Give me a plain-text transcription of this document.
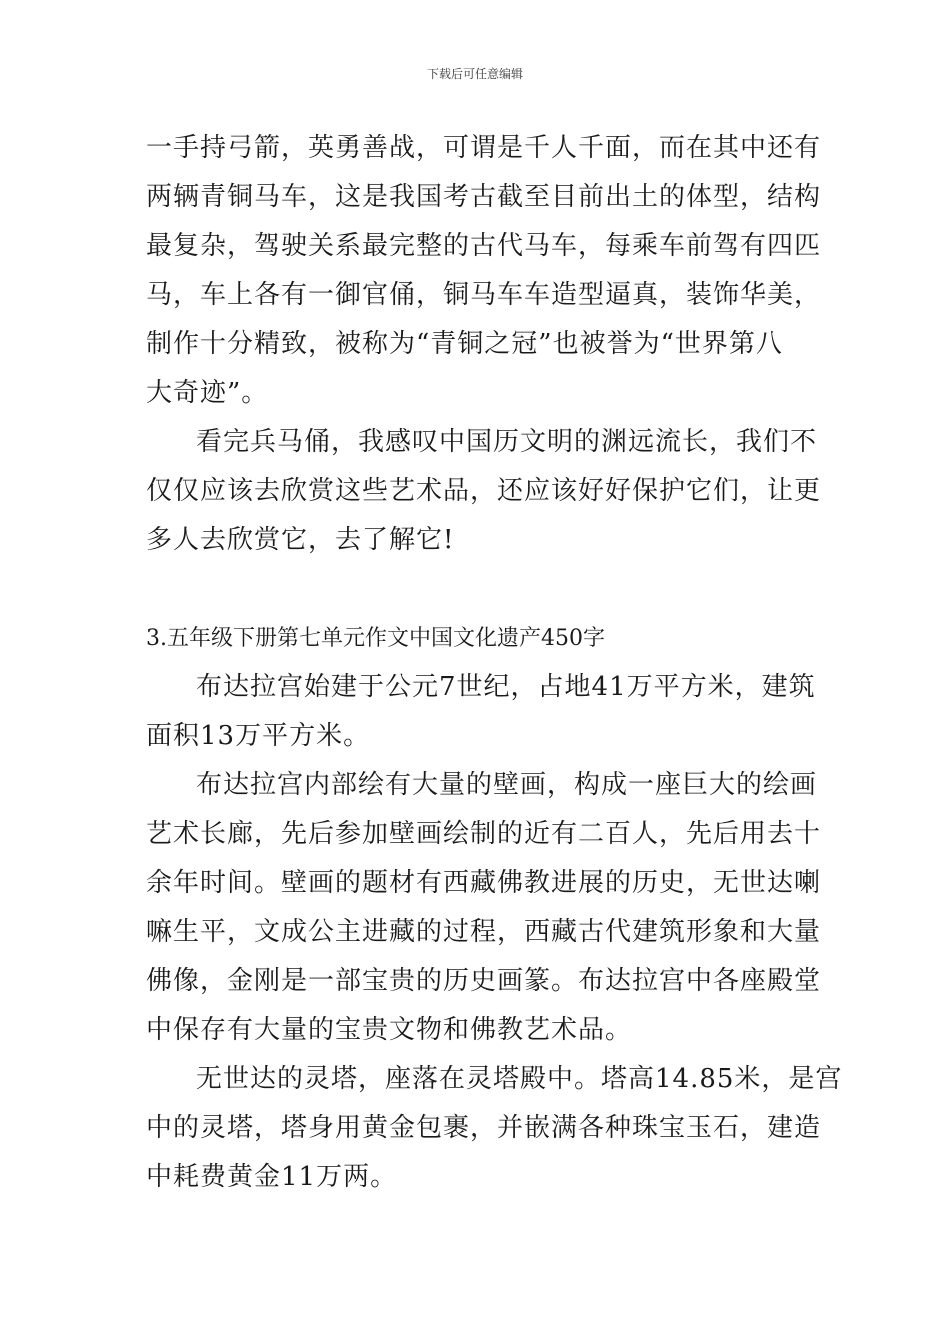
下载后可任意编辑
一手持弓箭，英勇善战，可谓是千人千面，而在其中还有
两辆青铜马车，这是我国考古截至目前出土的体型，结构
最复杂，驾驶关系最完整的古代马车，每乘车前驾有四匹
马，车上各有一御官俑，铜马车车造型逼真，装饰华美，
制作十分精致，被称为“青铜之冠”也被誉为“世界第八
大奇迹”。
看完兵马俑，我感叹中国历文明的渊远流长，我们不
仅仅应该去欣赏这些艺术品，还应该好好保护它们，让更
多人去欣赏它，去了解它!
3.五年级下册第七单元作文中国文化遗产450字
布达拉宫始建于公元7世纪，占地41万平方米，建筑
面积13万平方米。
布达拉宫内部绘有大量的壁画，构成一座巨大的绘画
艺术长廊，先后参加壁画绘制的近有二百人，先后用去十
余年时间。壁画的题材有西藏佛教进展的历史，无世达喇
嘛生平，文成公主进藏的过程，西藏古代建筑形象和大量
佛像，金刚是一部宝贵的历史画篆。布达拉宫中各座殿堂
中保存有大量的宝贵文物和佛教艺术品。
无世达的灵塔，座落在灵塔殿中。塔高14.85米，是宫
中的灵塔，塔身用黄金包裹，并嵌满各种珠宝玉石，建造
中耗费黄金11万两。
